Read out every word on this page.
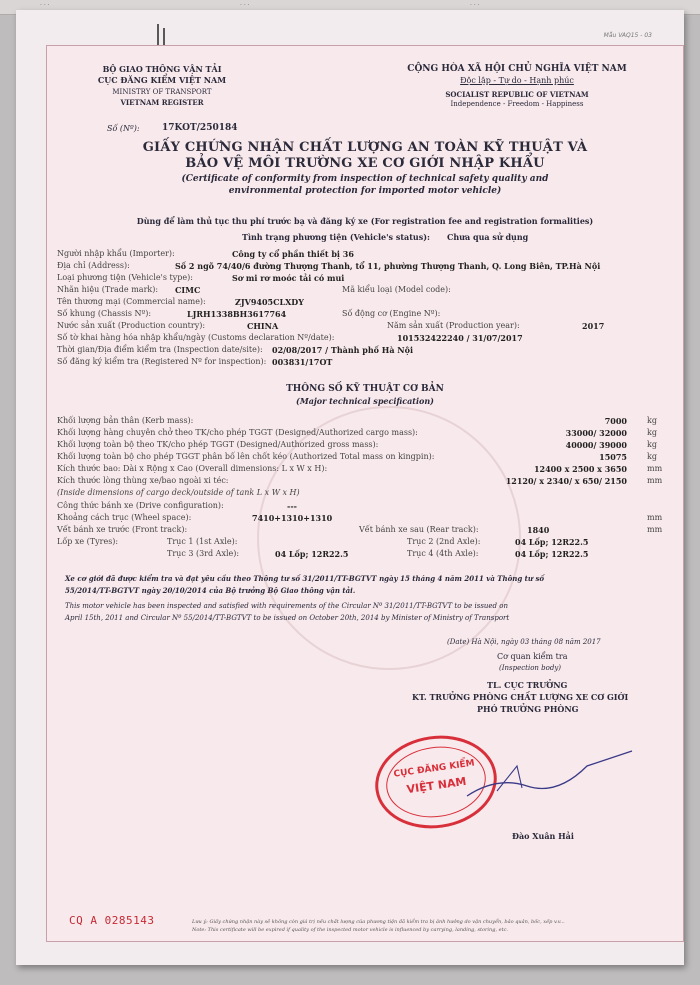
. . .	. . .	. . .
Mẫu VAQ15 - 03
BỘ GIAO THÔNG VẬN TẢI
CỤC ĐĂNG KIỂM VIỆT NAM
MINISTRY OF TRANSPORT
VIETNAM REGISTER
CỘNG HÒA XÃ HỘI CHỦ NGHĨA VIỆT NAM
Độc lập - Tự do - Hạnh phúc
SOCIALIST REPUBLIC OF VIETNAM
Independence - Freedom - Happiness
Số (Nº): 17KOT/250184
GIẤY CHỨNG NHẬN CHẤT LƯỢNG AN TOÀN KỸ THUẬT VÀ
BẢO VỆ MÔI TRƯỜNG XE CƠ GIỚI NHẬP KHẨU
(Certificate of conformity from inspection of technical safety quality and
environmental protection for imported motor vehicle)
Dùng để làm thủ tục thu phí trước bạ và đăng ký xe (For registration fee and registration formalities)
Tình trạng phương tiện (Vehicle's status): Chưa qua sử dụng
Người nhập khẩu (Importer):	Công ty cổ phần thiết bị 36
Địa chỉ (Address):	Số 2 ngõ 74/40/6 đường Thượng Thanh, tổ 11, phường Thượng Thanh, Q. Long Biên, TP.Hà Nội
Loại phương tiện (Vehicle's type):	Sơ mi rơ moóc tải có mui
Nhãn hiệu (Trade mark): CIMC	Mã kiểu loại (Model code):
Tên thương mại (Commercial name):	ZJV9405CLXDY
Số khung (Chassis Nº):	LJRH1338BH3617764	Số động cơ (Engine Nº):
Nước sản xuất (Production country):	CHINA	Năm sản xuất (Production year):	2017
Số tờ khai hàng hóa nhập khẩu/ngày (Customs declaration Nº/date):	101532422240 / 31/07/2017
Thời gian/Địa điểm kiểm tra (Inspection date/site): 02/08/2017 / Thành phố Hà Nội
Số đăng ký kiểm tra (Registered Nº for inspection): 003831/17OT
THÔNG SỐ KỸ THUẬT CƠ BẢN
(Major technical specification)
Khối lượng bản thân (Kerb mass):	7000	kg
Khối lượng hàng chuyên chở theo TK/cho phép TGGT (Designed/Authorized cargo mass):	33000/ 32000	kg
Khối lượng toàn bộ theo TK/cho phép TGGT (Designed/Authorized gross mass):	40000/ 39000	kg
Khối lượng toàn bộ cho phép TGGT phân bố lên chốt kéo (Authorized Total mass on kingpin):	15075	kg
Kích thước bao: Dài x Rộng x Cao (Overall dimensions: L x W x H):	12400 x 2500 x 3650	mm
Kích thước lòng thùng xe/bao ngoài xi téc:	12120/ x 2340/ x 650/ 2150	mm
(Inside dimensions of cargo deck/outside of tank L x W x H)
Công thức bánh xe (Drive configuration):	---
Khoảng cách trục (Wheel space):	7410+1310+1310	mm
Vết bánh xe trước (Front track):	Vết bánh xe sau (Rear track):	1840	mm
Lốp xe (Tyres):	Trục 1 (1st Axle):	Trục 2 (2nd Axle):	04 Lốp; 12R22.5
Trục 3 (3rd Axle):	04 Lốp; 12R22.5	Trục 4 (4th Axle):	04 Lốp; 12R22.5
Xe cơ giới đã được kiểm tra và đạt yêu cầu theo Thông tư số 31/2011/TT-BGTVT ngày 15 tháng 4 năm 2011 và Thông tư số
55/2014/TT-BGTVT ngày 20/10/2014 của Bộ trưởng Bộ Giao thông vận tải.
This motor vehicle has been inspected and satisfied with requirements of the Circular Nº 31/2011/TT-BGTVT to be issued on
April 15th, 2011 and Circular Nº 55/2014/TT-BGTVT to be issued on October 20th, 2014 by Minister of Ministry of Transport
(Date) Hà Nội, ngày 03 tháng 08 năm 2017
Cơ quan kiểm tra
(Inspection body)
TL. CỤC TRƯỞNG
KT. TRƯỞNG PHÒNG CHẤT LƯỢNG XE CƠ GIỚI
PHÓ TRƯỞNG PHÒNG
CỤC ĐĂNG KIỂM
VIỆT NAM
Đào Xuân Hải
CQ A 0285143	Lưu ý: Giấy chứng nhận này sẽ không còn giá trị nếu chất lượng của phương tiện đã kiểm tra bị ảnh hưởng do vận chuyển, bảo quản, bốc, xếp v.v...
Note: This certificate will be expired if quality of the inspected motor vehicle is influenced by carrying, landing, storing, etc.
